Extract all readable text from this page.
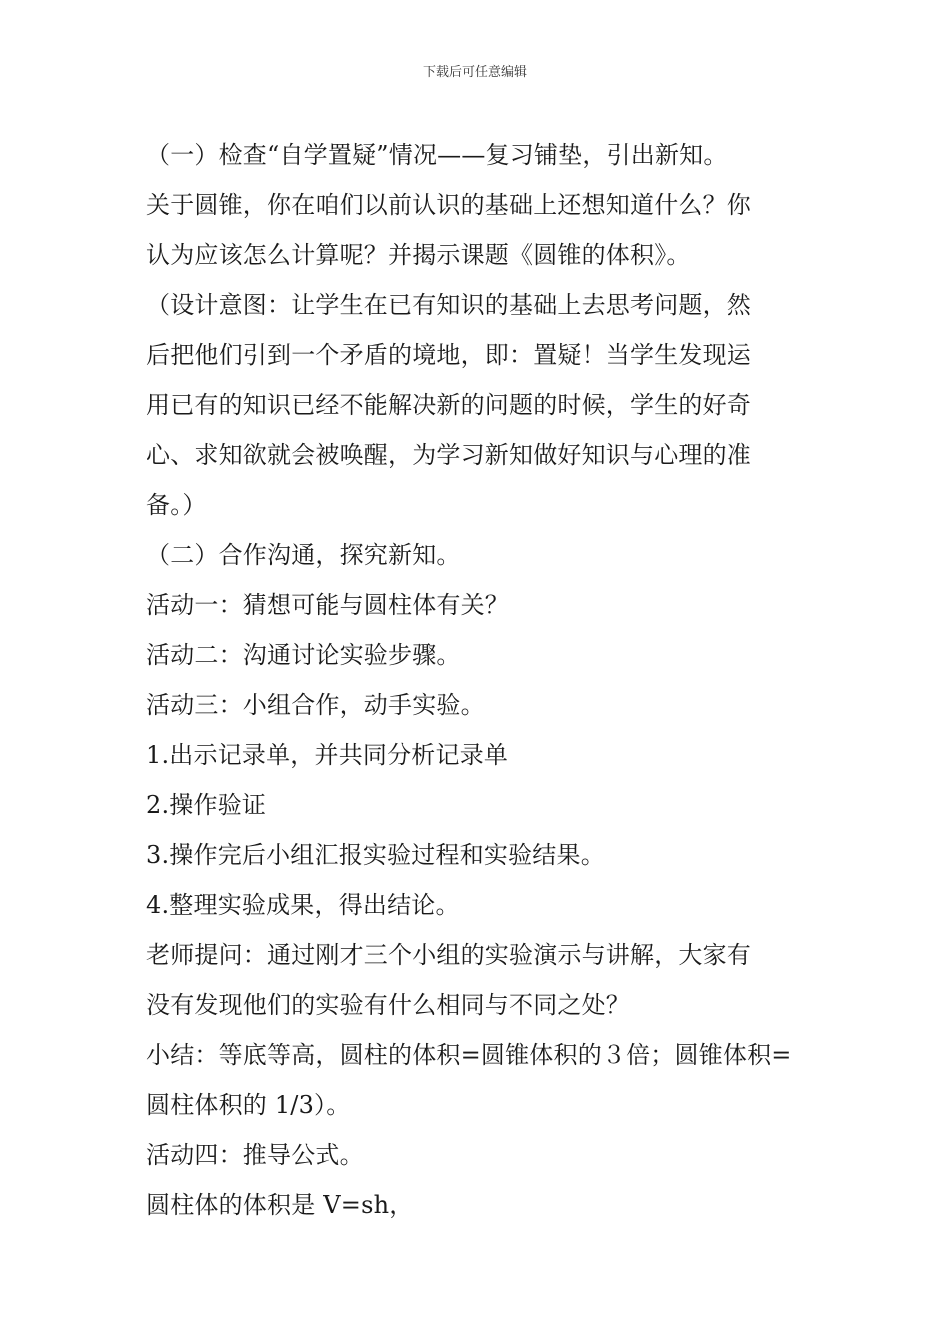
下载后可任意编辑
（一）检查“自学置疑”情况——复习铺垫，引出新知。
关于圆锥，你在咱们以前认识的基础上还想知道什么？你
认为应该怎么计算呢？并揭示课题《圆锥的体积》。
（设计意图：让学生在已有知识的基础上去思考问题，然
后把他们引到一个矛盾的境地，即：置疑！当学生发现运
用已有的知识已经不能解决新的问题的时候，学生的好奇
心、求知欲就会被唤醒，为学习新知做好知识与心理的准
备。）
（二）合作沟通，探究新知。
活动一：猜想可能与圆柱体有关？
活动二：沟通讨论实验步骤。
活动三：小组合作，动手实验。
1.出示记录单，并共同分析记录单
2.操作验证
3.操作完后小组汇报实验过程和实验结果。
4.整理实验成果，得出结论。
老师提问：通过刚才三个小组的实验演示与讲解，大家有
没有发现他们的实验有什么相同与不同之处？
小结：等底等高，圆柱的体积=圆锥体积的３倍；圆锥体积=
圆柱体积的 1/3）。
活动四：推导公式。
圆柱体的体积是 V=sh，
